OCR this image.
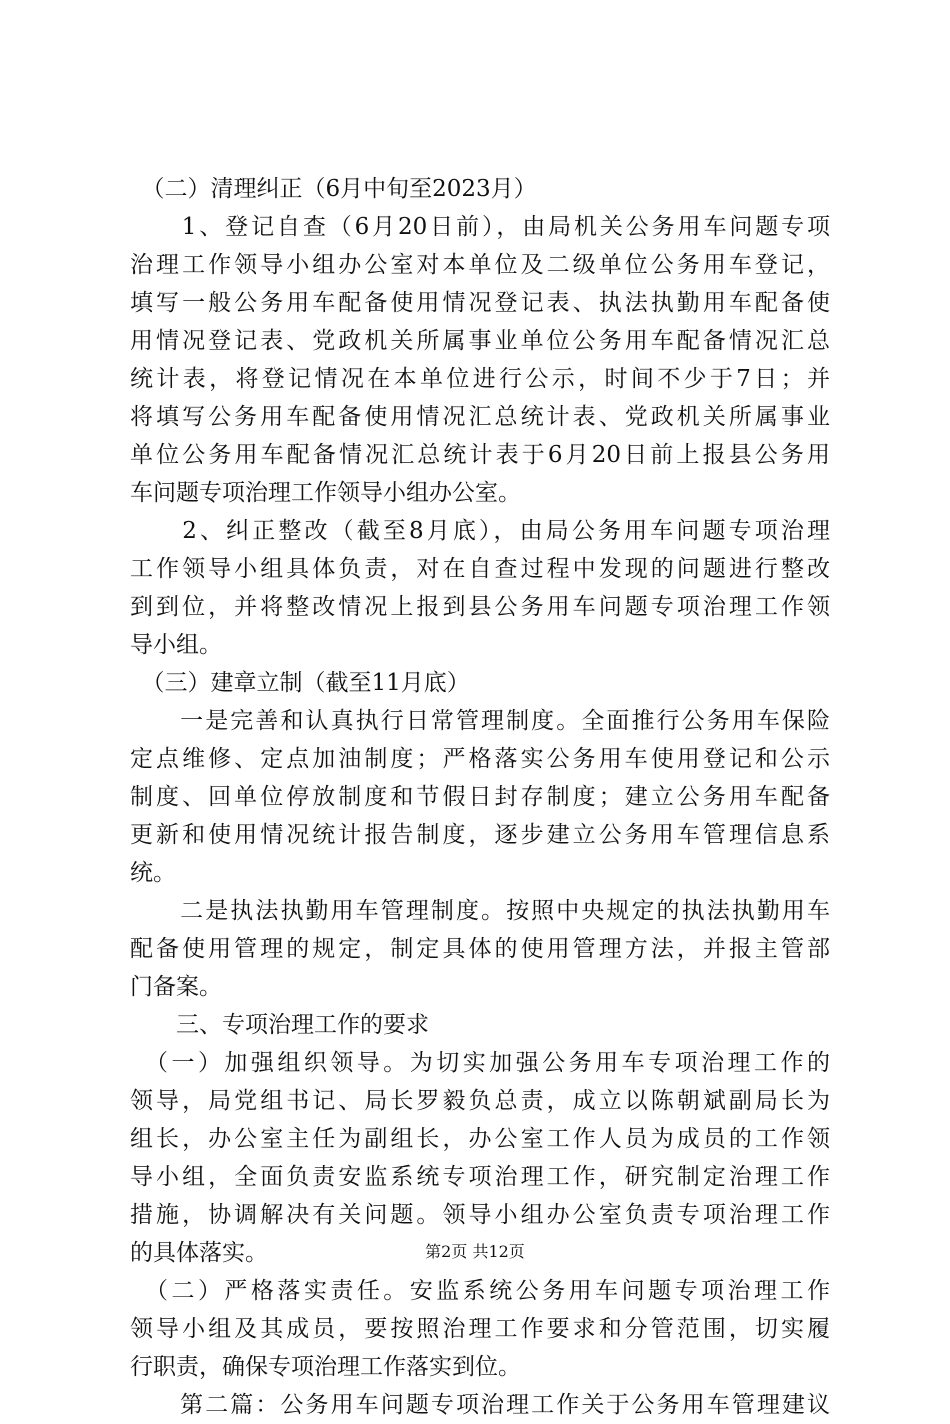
　（二）清理纠正（6月中旬至2023月）
　　1、登记自查（6月20日前），由局机关公务用车问题专项
治理工作领导小组办公室对本单位及二级单位公务用车登记，
填写一般公务用车配备使用情况登记表、执法执勤用车配备使
用情况登记表、党政机关所属事业单位公务用车配备情况汇总
统计表，将登记情况在本单位进行公示，时间不少于7日；并
将填写公务用车配备使用情况汇总统计表、党政机关所属事业
单位公务用车配备情况汇总统计表于6月20日前上报县公务用
车问题专项治理工作领导小组办公室。
　　2、纠正整改（截至8月底），由局公务用车问题专项治理
工作领导小组具体负责，对在自查过程中发现的问题进行整改
到到位，并将整改情况上报到县公务用车问题专项治理工作领
导小组。
　（三）建章立制（截至11月底）
　　一是完善和认真执行日常管理制度。全面推行公务用车保险
定点维修、定点加油制度；严格落实公务用车使用登记和公示
制度、回单位停放制度和节假日封存制度；建立公务用车配备
更新和使用情况统计报告制度，逐步建立公务用车管理信息系
统。
　　二是执法执勤用车管理制度。按照中央规定的执法执勤用车
配备使用管理的规定，制定具体的使用管理方法，并报主管部
门备案。
　　三、专项治理工作的要求
　（一）加强组织领导。为切实加强公务用车专项治理工作的
领导，局党组书记、局长罗毅负总责，成立以陈朝斌副局长为
组长，办公室主任为副组长，办公室工作人员为成员的工作领
导小组，全面负责安监系统专项治理工作，研究制定治理工作
措施，协调解决有关问题。领导小组办公室负责专项治理工作
的具体落实。
　（二）严格落实责任。安监系统公务用车问题专项治理工作
领导小组及其成员，要按照治理工作要求和分管范围，切实履
行职责，确保专项治理工作落实到位。
　　第二篇：公务用车问题专项治理工作关于公务用车管理建议
第2页 共12页
